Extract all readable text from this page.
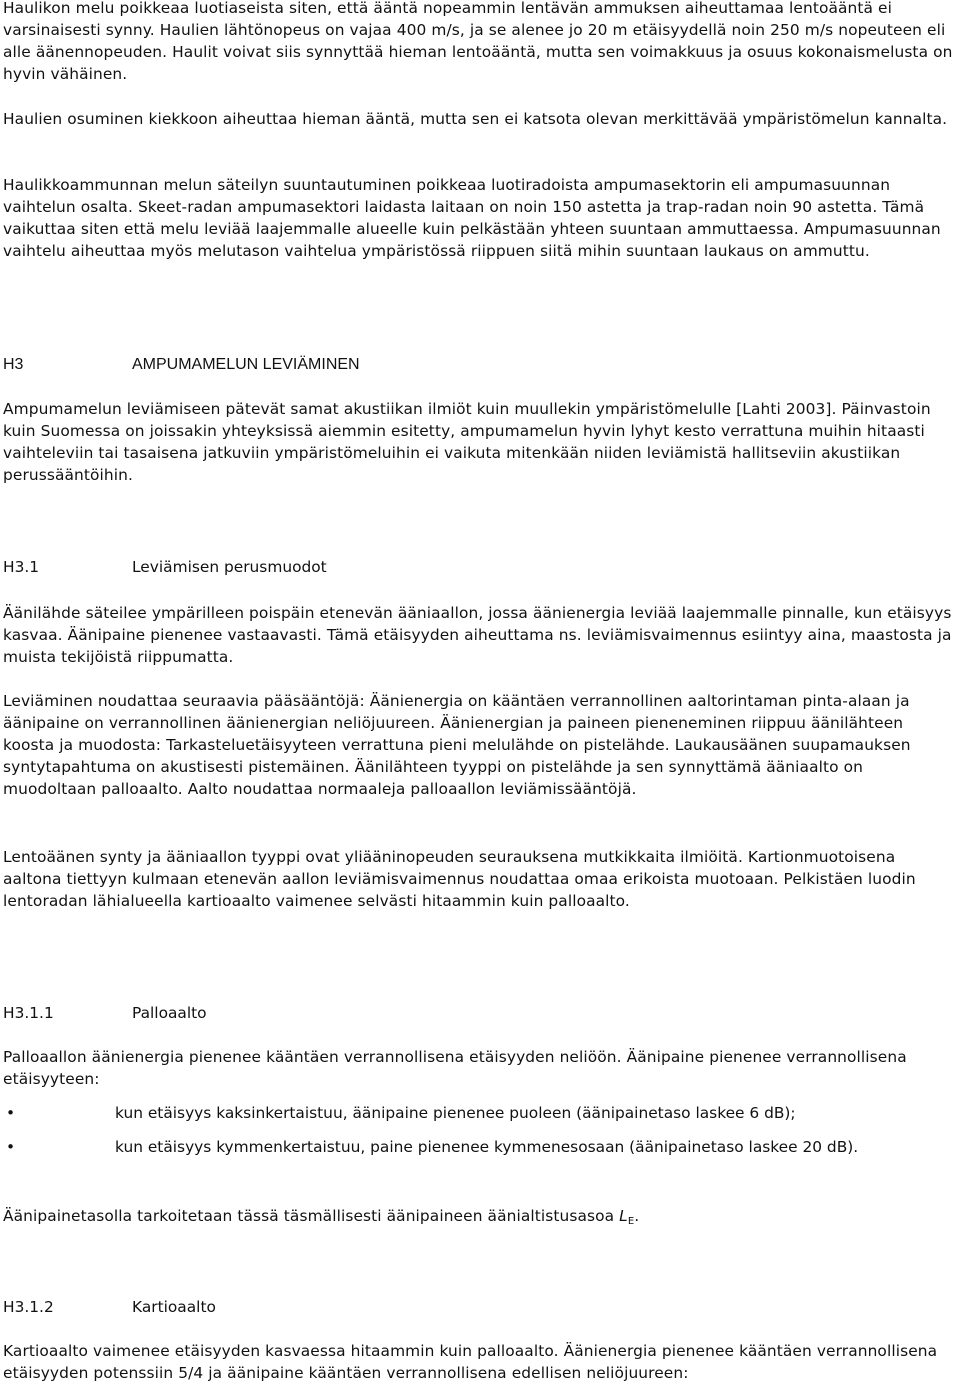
Haulikon melu poikkeaa luotiaseista siten, että ääntä nopeammin lentävän ammuksen aiheuttamaa lentoääntä ei varsinaisesti synny. Haulien lähtönopeus on vajaa 400 m/s, ja se alenee jo 20 m etäisyydellä noin 250 m/s nopeuteen eli alle äänennopeuden. Haulit voivat siis synnyttää hieman lentoääntä, mutta sen voimakkuus ja osuus kokonaismelusta on hyvin vähäinen.

Haulien osuminen kiekkoon aiheuttaa hieman ääntä, mutta sen ei katsota olevan merkittävää ympäristömelun kannalta.

Haulikkoammunnan melun säteilyn suuntautuminen poikkeaa luotiradoista ampumasektorin eli ampumasuunnan vaihtelun osalta. Skeet-radan ampumasektori laidasta laitaan on noin 150 astetta ja trap-radan noin 90 astetta. Tämä vaikuttaa siten että melu leviää laajemmalle alueelle kuin pelkästään yhteen suuntaan ammuttaessa. Ampumasuunnan vaihtelu aiheuttaa myös melutason vaihtelua ympäristössä riippuen siitä mihin suuntaan laukaus on ammuttu.

H3	AMPUMAMELUN LEVIÄMINEN

Ampumamelun leviämiseen pätevät samat akustiikan ilmiöt kuin muullekin ympäristömelulle [Lahti 2003]. Päinvastoin kuin Suomessa on joissakin yhteyksissä aiemmin esitetty, ampumamelun hyvin lyhyt kesto verrattuna muihin hitaasti vaihteleviin tai tasaisena jatkuviin ympäristömeluihin ei vaikuta mitenkään niiden leviämistä hallitseviin akustiikan perussääntöihin.

H3.1	Leviämisen perusmuodot

Äänilähde säteilee ympärilleen poispäin etenevän ääniaallon, jossa äänienergia leviää laajemmalle pinnalle, kun etäisyys kasvaa. Äänipaine pienenee vastaavasti. Tämä etäisyyden aiheuttama ns. leviämisvaimennus esiintyy aina, maastosta ja muista tekijöistä riippumatta.

Leviäminen noudattaa seuraavia pääsääntöjä: Äänienergia on kääntäen verrannollinen aaltorintaman pinta-alaan ja äänipaine on verrannollinen äänienergian neliöjuureen. Äänienergian ja paineen pieneneminen riippuu äänilähteen koosta ja muodosta: Tarkasteluetäisyyteen verrattuna pieni melulähde on pistelähde. Laukausäänen suupamauksen syntytapahtuma on akustisesti pistemäinen. Äänilähteen tyyppi on pistelähde ja sen synnyttämä ääniaalto on muodoltaan palloaalto. Aalto noudattaa normaaleja palloaallon leviämissääntöjä.

Lentoäänen synty ja ääniaallon tyyppi ovat yliääninopeuden seurauksena mutkikkaita ilmiöitä. Kartionmuotoisena aaltona tiettyyn kulmaan etenevän aallon leviämisvaimennus noudattaa omaa erikoista muotoaan. Pelkistäen luodin lentoradan lähialueella kartioaalto vaimenee selvästi hitaammin kuin palloaalto.

H3.1.1	Palloaalto

Palloaallon äänienergia pienenee kääntäen verrannollisena etäisyyden neliöön. Äänipaine pienenee verrannollisena etäisyyteen:

•	kun etäisyys kaksinkertaistuu, äänipaine pienenee puoleen (äänipainetaso laskee 6 dB);
•	kun etäisyys kymmenkertaistuu, paine pienenee kymmenesosaan (äänipainetaso laskee 20 dB).

Äänipainetasolla tarkoitetaan tässä täsmällisesti äänipaineen äänialtistusasoa $L_E$.

H3.1.2	Kartioaalto

Kartioaalto vaimenee etäisyyden kasvaessa hitaammin kuin palloaalto. Äänienergia pienenee kääntäen verrannollisena etäisyyden potenssiin 5/4 ja äänipaine kääntäen verrannollisena edellisen neliöjuureen:
